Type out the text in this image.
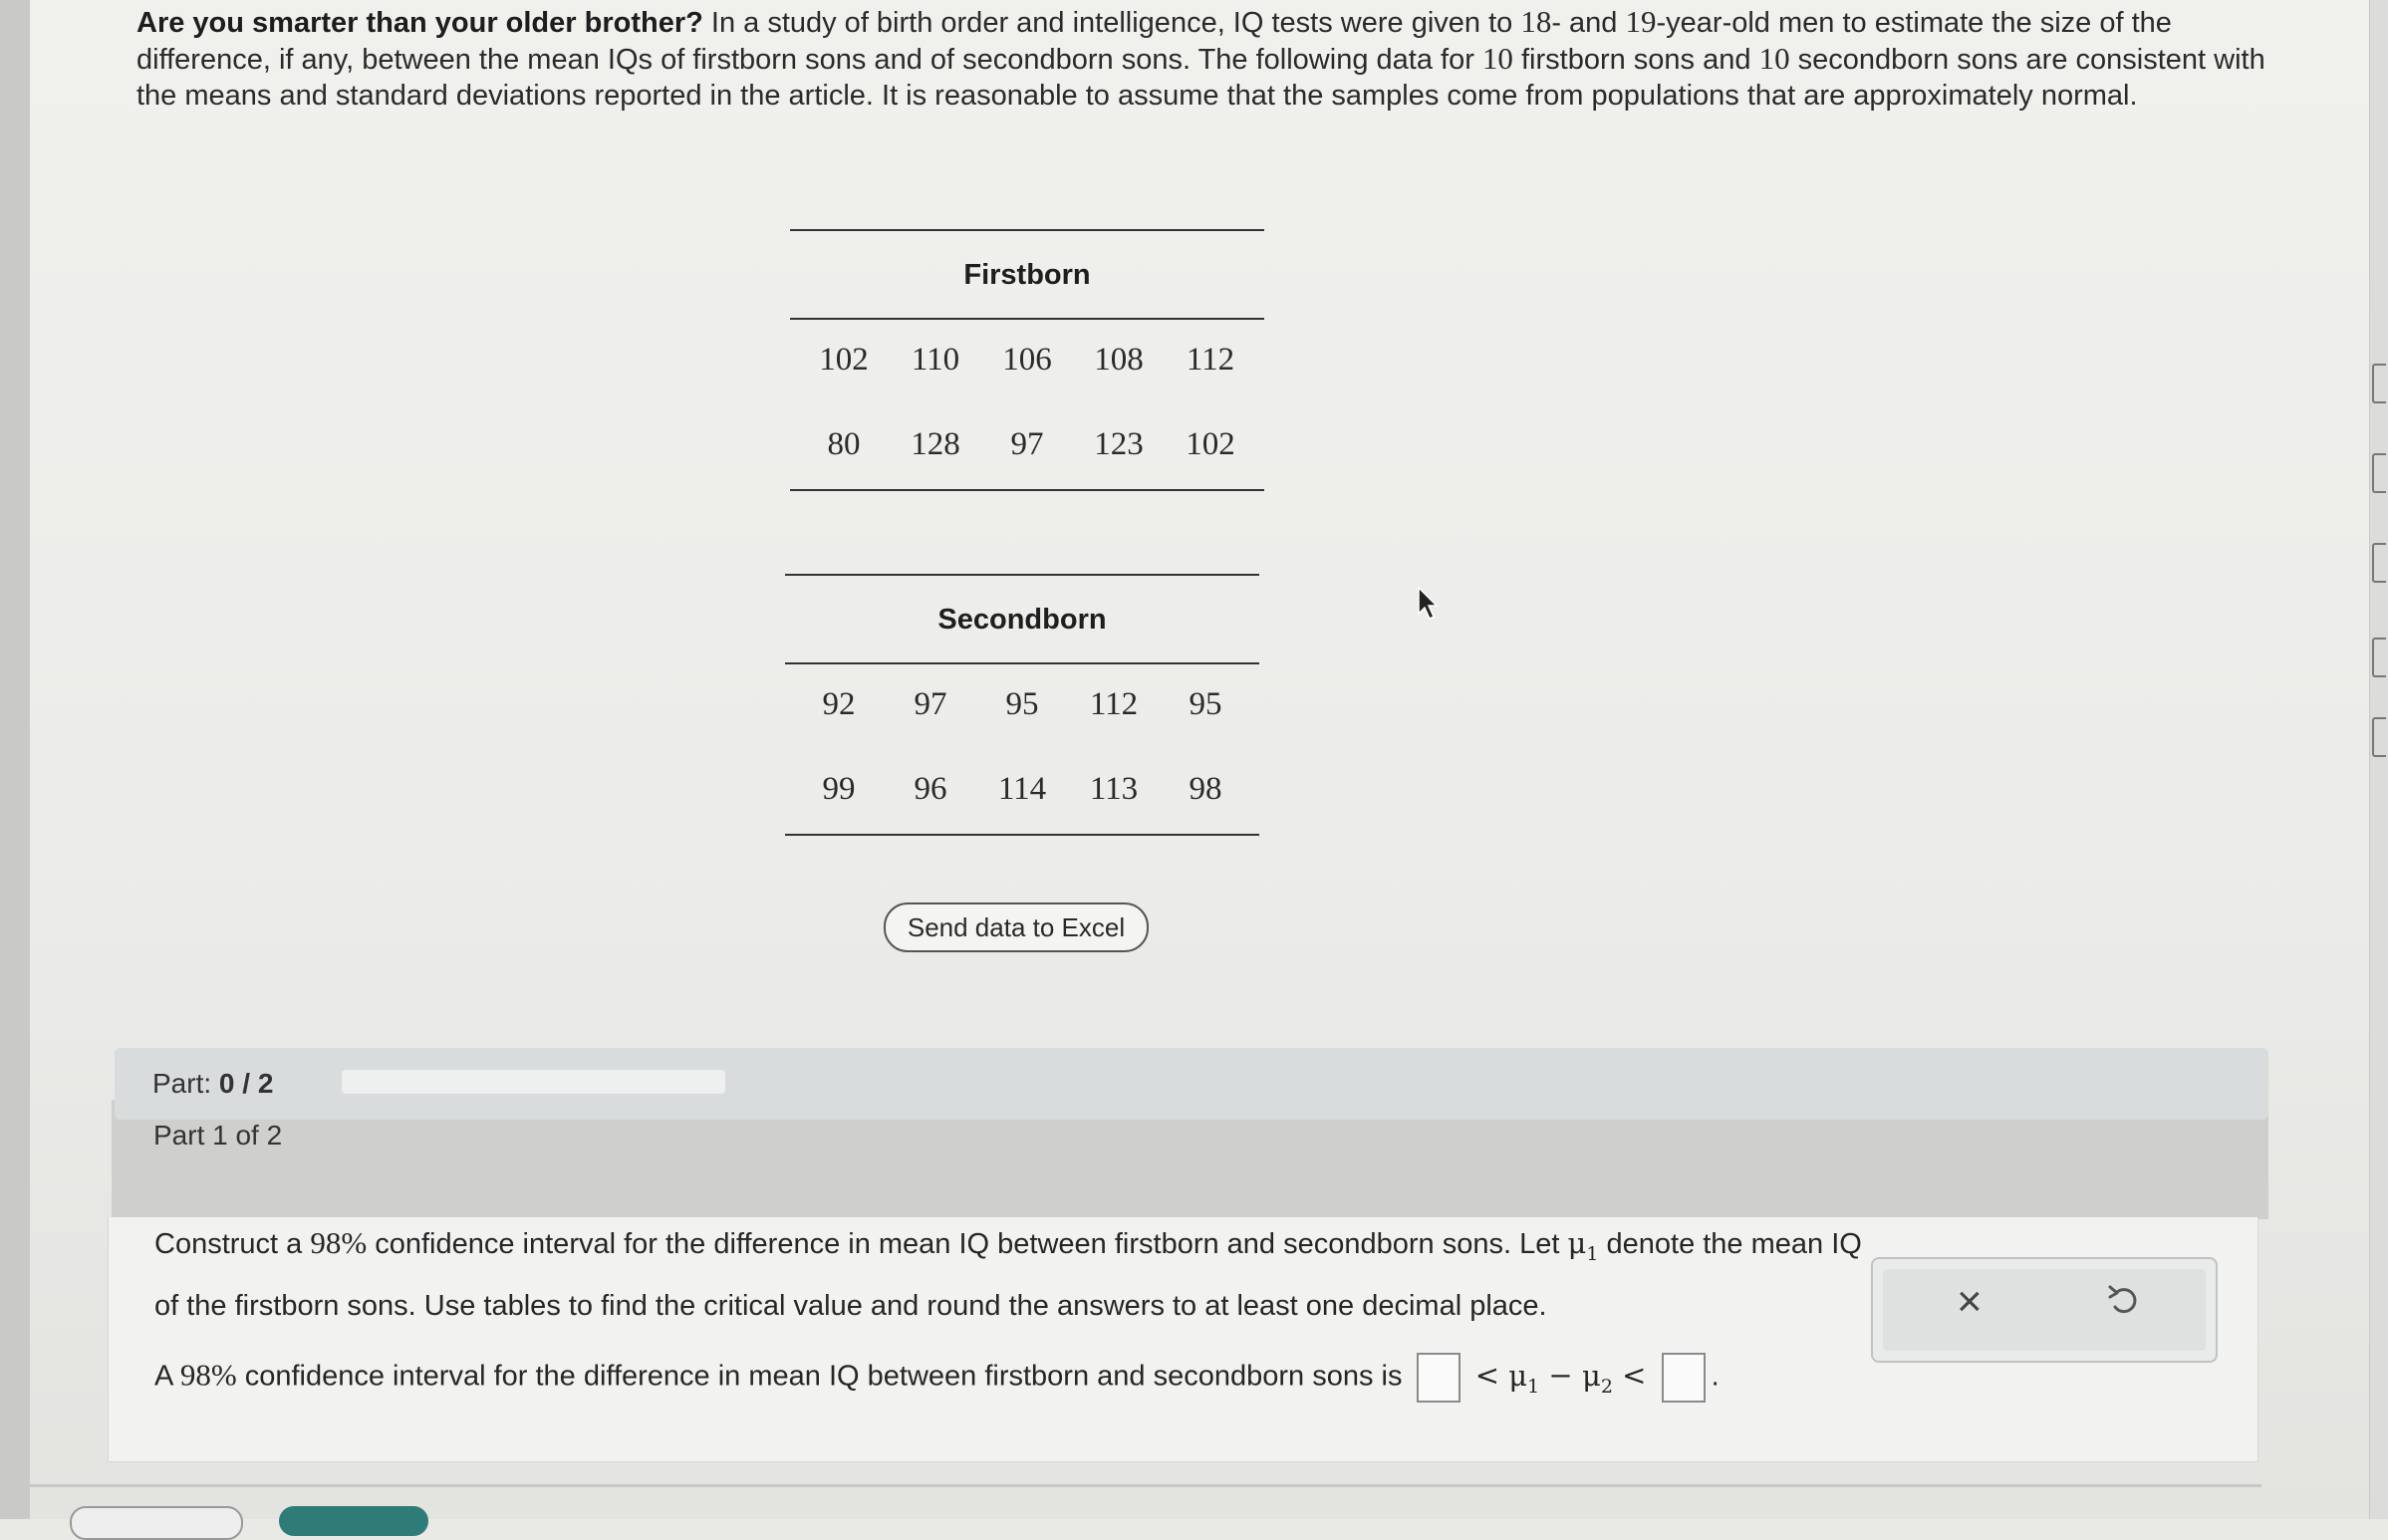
Are you smarter than your older brother? In a study of birth order and intelligence, IQ tests were given to 18- and 19-year-old men to estimate the size of the difference, if any, between the mean IQs of firstborn sons and of secondborn sons. The following data for 10 firstborn sons and 10 secondborn sons are consistent with the means and standard deviations reported in the article. It is reasonable to assume that the samples come from populations that are approximately normal.
Firstborn
102	110	106	108	112
80	128	97	123	102
Secondborn
92	97	95	112	95
99	96	114	113	98
Send data to Excel
Part 1 of 2
Part: 0 / 2
Construct a 98% confidence interval for the difference in mean IQ between firstborn and secondborn sons. Let $\mu_1$ denote the mean IQ of the firstborn sons. Use tables to find the critical value and round the answers to at least one decimal place.
A 98% confidence interval for the difference in mean IQ between firstborn and secondborn sons is  < $\mu_1 - \mu_2$ < .
×
